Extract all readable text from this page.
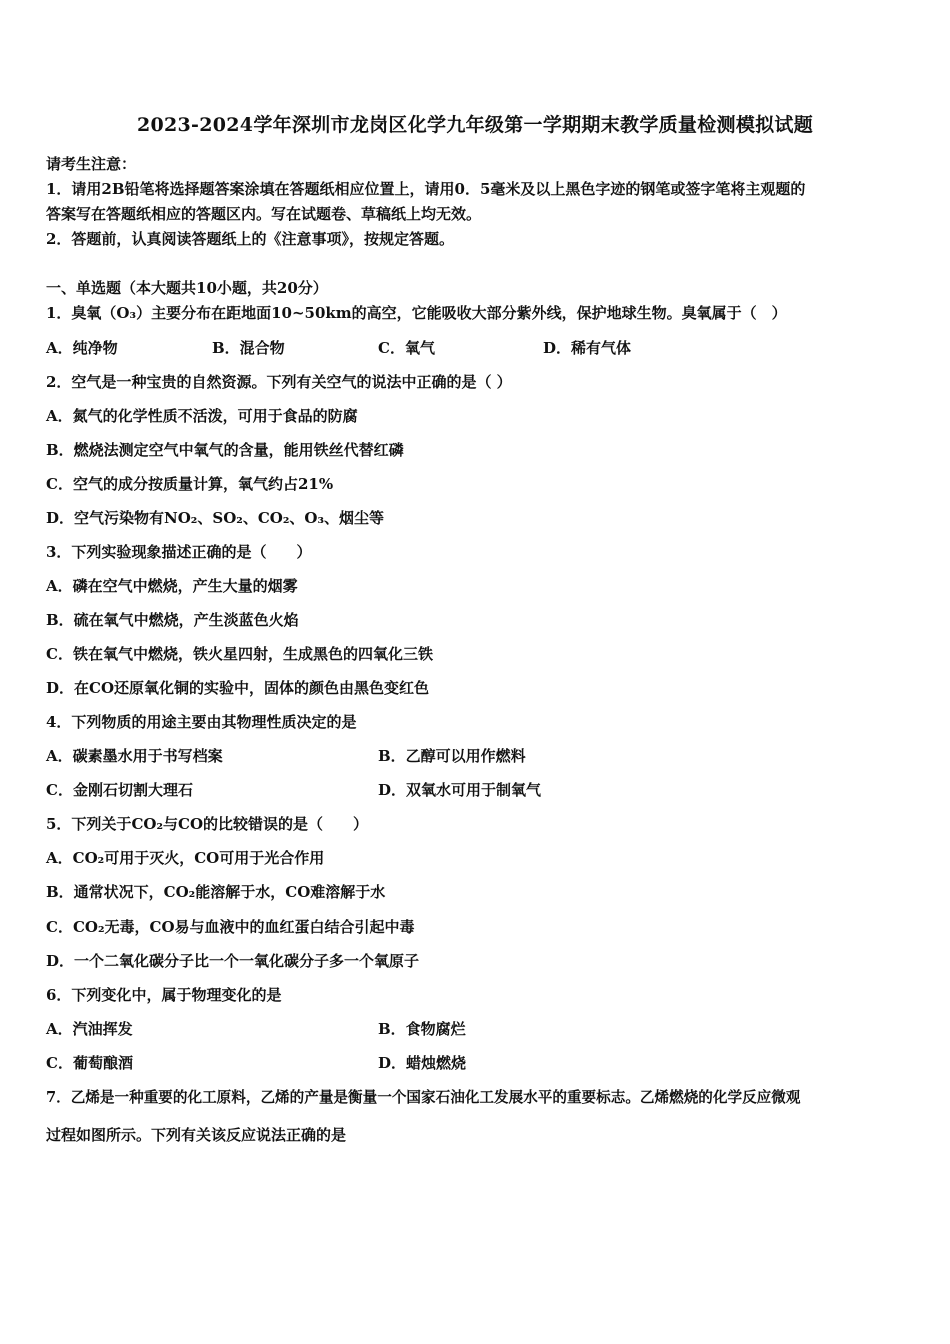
2023-2024学年深圳市龙岗区化学九年级第一学期期末教学质量检测模拟试题
请考生注意：
1．请用2B铅笔将选择题答案涂填在答题纸相应位置上，请用0．5毫米及以上黑色字迹的钢笔或签字笔将主观题的
答案写在答题纸相应的答题区内。写在试题卷、草稿纸上均无效。
2．答题前，认真阅读答题纸上的《注意事项》，按规定答题。
一、单选题（本大题共10小题，共20分）
1．臭氧（O₃）主要分布在距地面10~50km的高空，它能吸收大部分紫外线，保护地球生物。臭氧属于（　）
A．纯净物	B．混合物	C．氧气	D．稀有气体
2．空气是一种宝贵的自然资源。下列有关空气的说法中正确的是（ ）
A．氮气的化学性质不活泼，可用于食品的防腐
B．燃烧法测定空气中氧气的含量，能用铁丝代替红磷
C．空气的成分按质量计算，氧气约占21%
D．空气污染物有NO₂、SO₂、CO₂、O₃、烟尘等
3．下列实验现象描述正确的是（　　）
A．磷在空气中燃烧，产生大量的烟雾
B．硫在氧气中燃烧，产生淡蓝色火焰
C．铁在氧气中燃烧，铁火星四射，生成黑色的四氧化三铁
D．在CO还原氧化铜的实验中，固体的颜色由黑色变红色
4．下列物质的用途主要由其物理性质决定的是
A．碳素墨水用于书写档案	B．乙醇可以用作燃料
C．金刚石切割大理石	D．双氧水可用于制氧气
5．下列关于CO₂与CO的比较错误的是（　　）
A．CO₂可用于灭火，CO可用于光合作用
B．通常状况下，CO₂能溶解于水，CO难溶解于水
C．CO₂无毒，CO易与血液中的血红蛋白结合引起中毒
D．一个二氧化碳分子比一个一氧化碳分子多一个氧原子
6．下列变化中，属于物理变化的是
A．汽油挥发	B．食物腐烂
C．葡萄酿酒	D．蜡烛燃烧
7．乙烯是一种重要的化工原料，乙烯的产量是衡量一个国家石油化工发展水平的重要标志。乙烯燃烧的化学反应微观
过程如图所示。下列有关该反应说法正确的是
